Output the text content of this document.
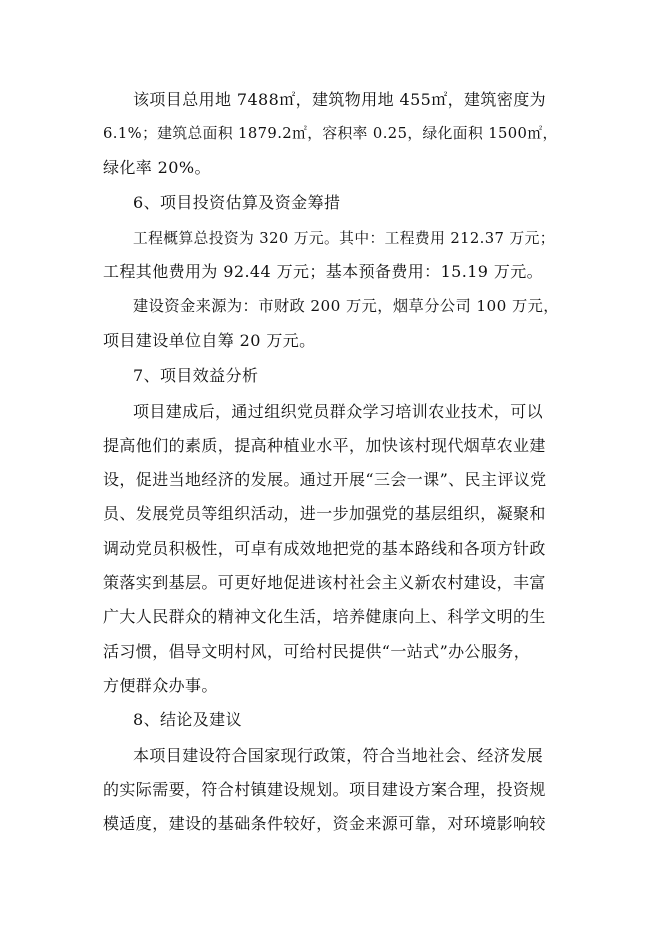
该项目总用地 7488㎡，建筑物用地 455㎡，建筑密度为
6.1%；建筑总面积 1879.2㎡，容积率 0.25，绿化面积 1500㎡，
绿化率 20%。
6、项目投资估算及资金筹措
工程概算总投资为 320 万元。其中：工程费用 212.37 万元；
工程其他费用为 92.44 万元；基本预备费用：15.19 万元。
建设资金来源为：市财政 200 万元，烟草分公司 100 万元，
项目建设单位自筹 20 万元。
7、项目效益分析
项目建成后，通过组织党员群众学习培训农业技术，可以
提高他们的素质，提高种植业水平，加快该村现代烟草农业建
设，促进当地经济的发展。通过开展“三会一课”、民主评议党
员、发展党员等组织活动，进一步加强党的基层组织，凝聚和
调动党员积极性，可卓有成效地把党的基本路线和各项方针政
策落实到基层。可更好地促进该村社会主义新农村建设，丰富
广大人民群众的精神文化生活，培养健康向上、科学文明的生
活习惯，倡导文明村风，可给村民提供“一站式”办公服务，
方便群众办事。
8、结论及建议
本项目建设符合国家现行政策，符合当地社会、经济发展
的实际需要，符合村镇建设规划。项目建设方案合理，投资规
模适度，建设的基础条件较好，资金来源可靠，对环境影响较
